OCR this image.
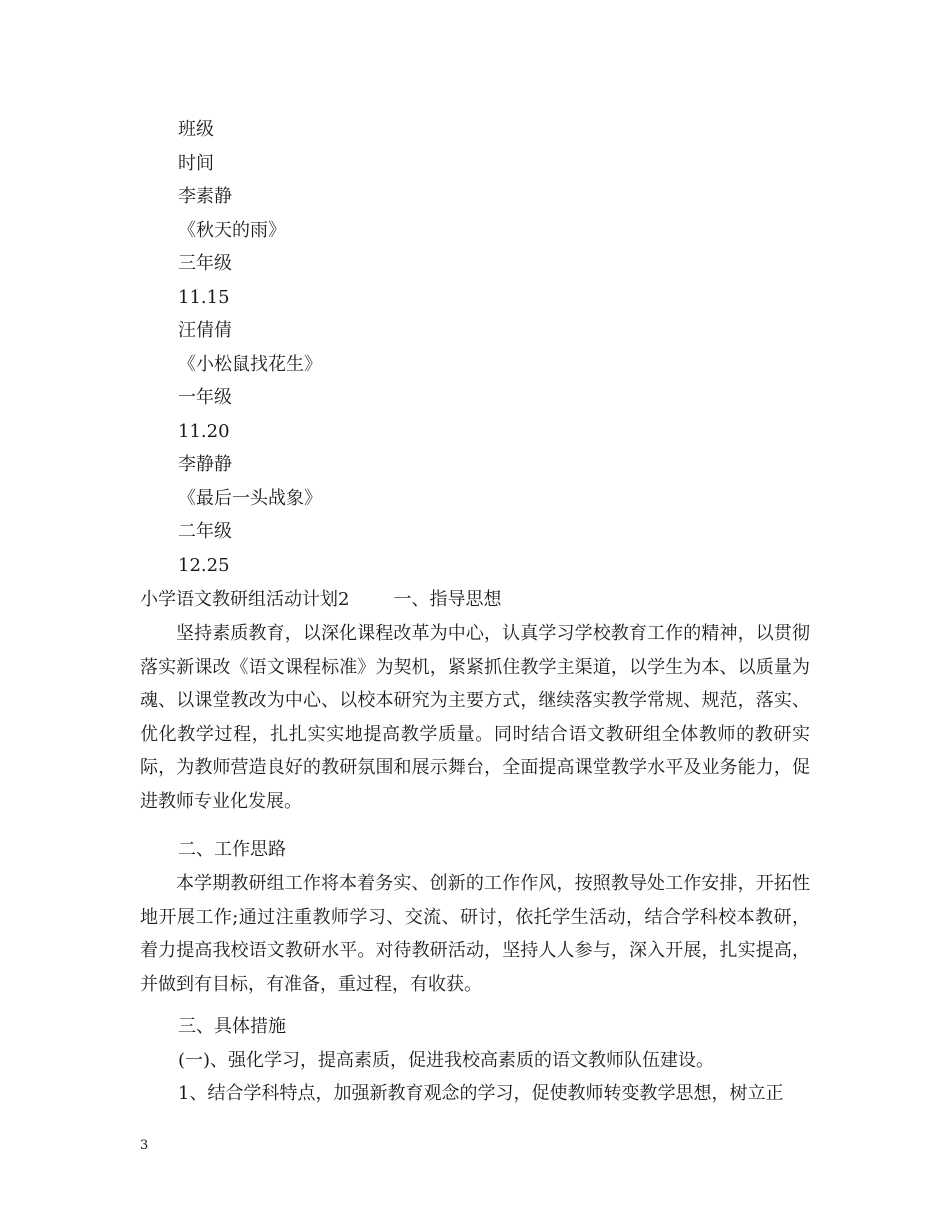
班级
时间
李素静
《秋天的雨》
三年级
11.15
汪倩倩
《小松鼠找花生》
一年级
11.20
李静静
《最后一头战象》
二年级
12.25
小学语文教研组活动计划2 一、指导思想

坚持素质教育，以深化课程改革为中心，认真学习学校教育工作的精神，以贯彻落实新课改《语文课程标准》为契机，紧紧抓住教学主渠道，以学生为本、以质量为魂、以课堂教改为中心、以校本研究为主要方式，继续落实教学常规、规范，落实、优化教学过程，扎扎实实地提高教学质量。同时结合语文教研组全体教师的教研实际，为教师营造良好的教研氛围和展示舞台，全面提高课堂教学水平及业务能力，促进教师专业化发展。

二、工作思路

本学期教研组工作将本着务实、创新的工作作风，按照教导处工作安排，开拓性地开展工作;通过注重教师学习、交流、研讨，依托学生活动，结合学科校本教研，着力提高我校语文教研水平。对待教研活动，坚持人人参与，深入开展，扎实提高，并做到有目标，有准备，重过程，有收获。

三、具体措施
(一)、强化学习，提高素质，促进我校高素质的语文教师队伍建设。
1、结合学科特点，加强新教育观念的学习，促使教师转变教学思想，树立正
3
